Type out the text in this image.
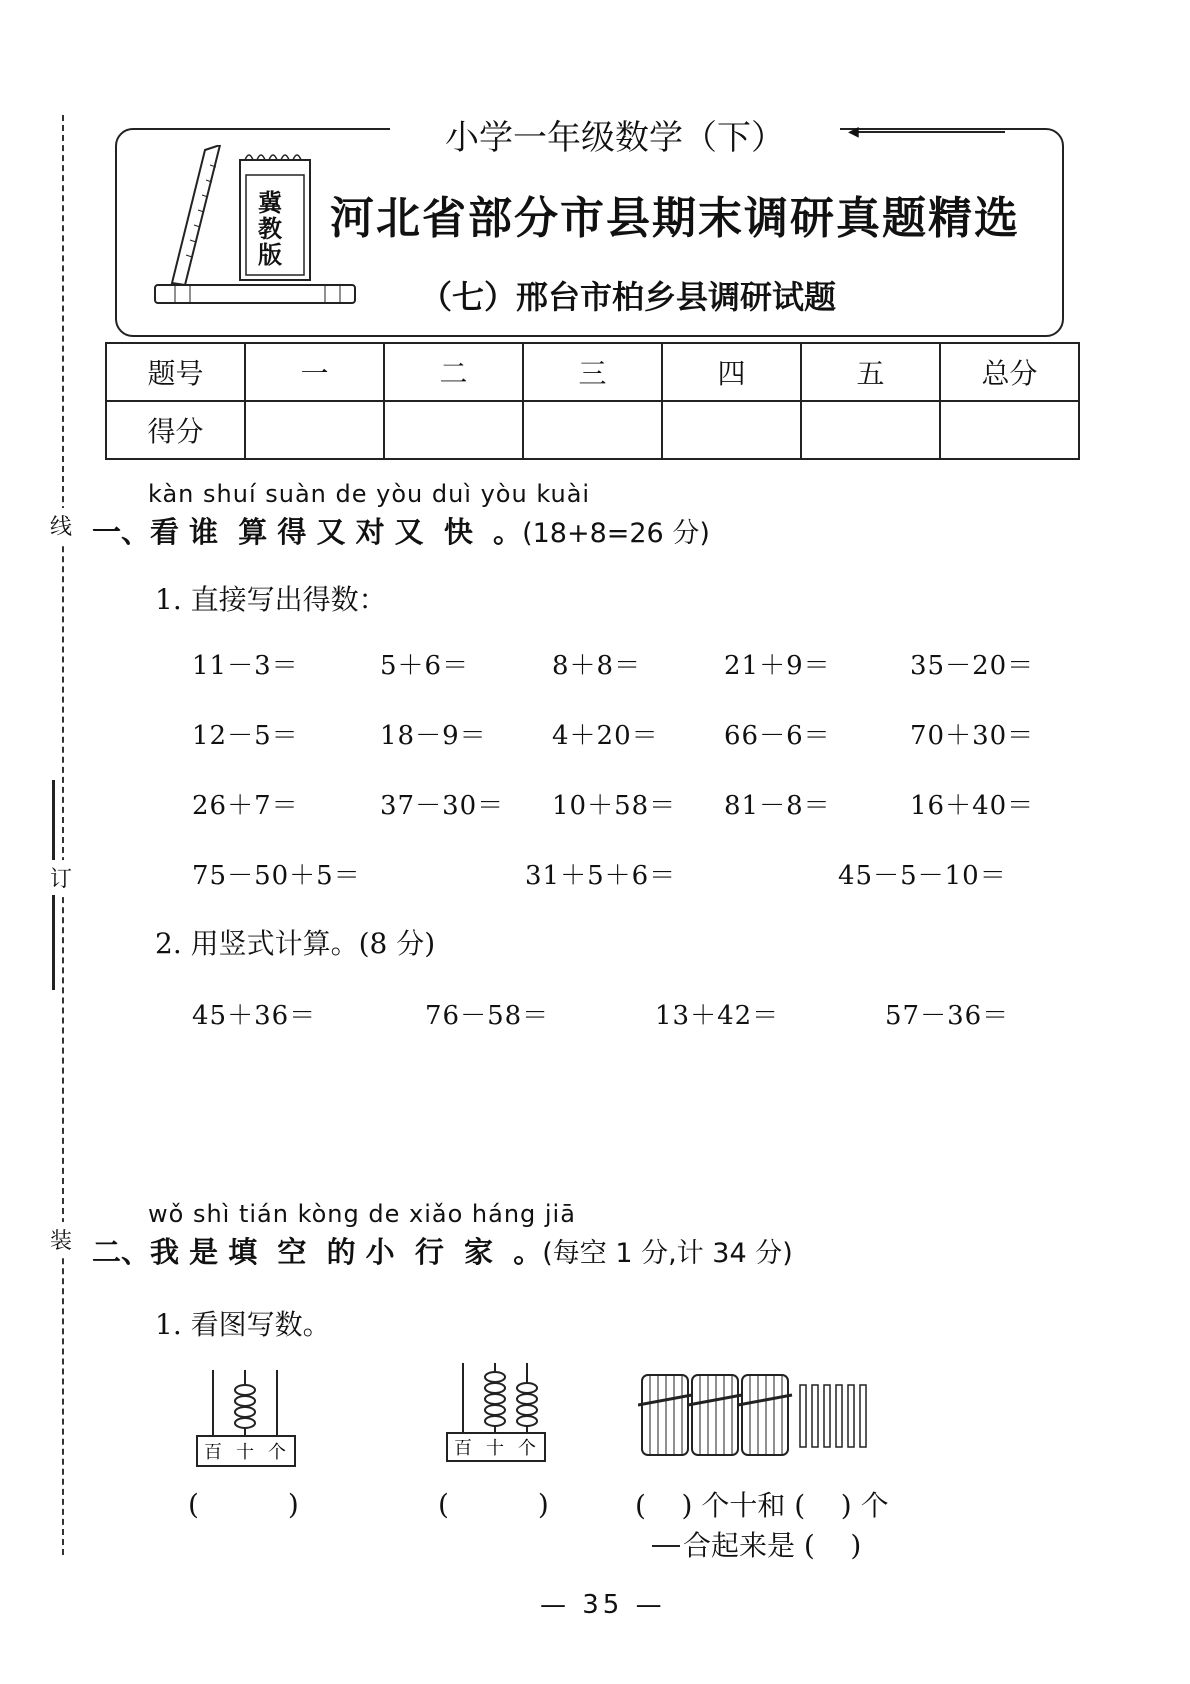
线
订
装
小学一年级数学（下）	◀
冀教版
河北省部分市县期末调研真题精选
（七）邢台市柏乡县调研试题
题号	一	二	三	四	五	总分
得分						
kàn shuí suàn de yòu duì yòu kuài
一、看 谁  算 得 又 对 又  快  。(18+8=26 分)
1. 直接写出得数：
11－3＝	5＋6＝	8＋8＝	21＋9＝	35－20＝
12－5＝	18－9＝	4＋20＝	66－6＝	70＋30＝
26＋7＝	37－30＝ 10＋58＝ 81－8＝	16＋40＝
75－50＋5＝	31＋5＋6＝	45－5－10＝
2. 用竖式计算。(8 分)
45＋36＝	76－58＝	13＋42＝	57－36＝
wǒ shì tián kòng de xiǎo háng jiā
二、我 是 填  空  的 小  行  家  。(每空 1 分,计 34 分)
1. 看图写数。
百 十 个	百 十 个
(          )	(          )	(    ) 个十和 (    ) 个
合起来是 (    )
— 35 —
